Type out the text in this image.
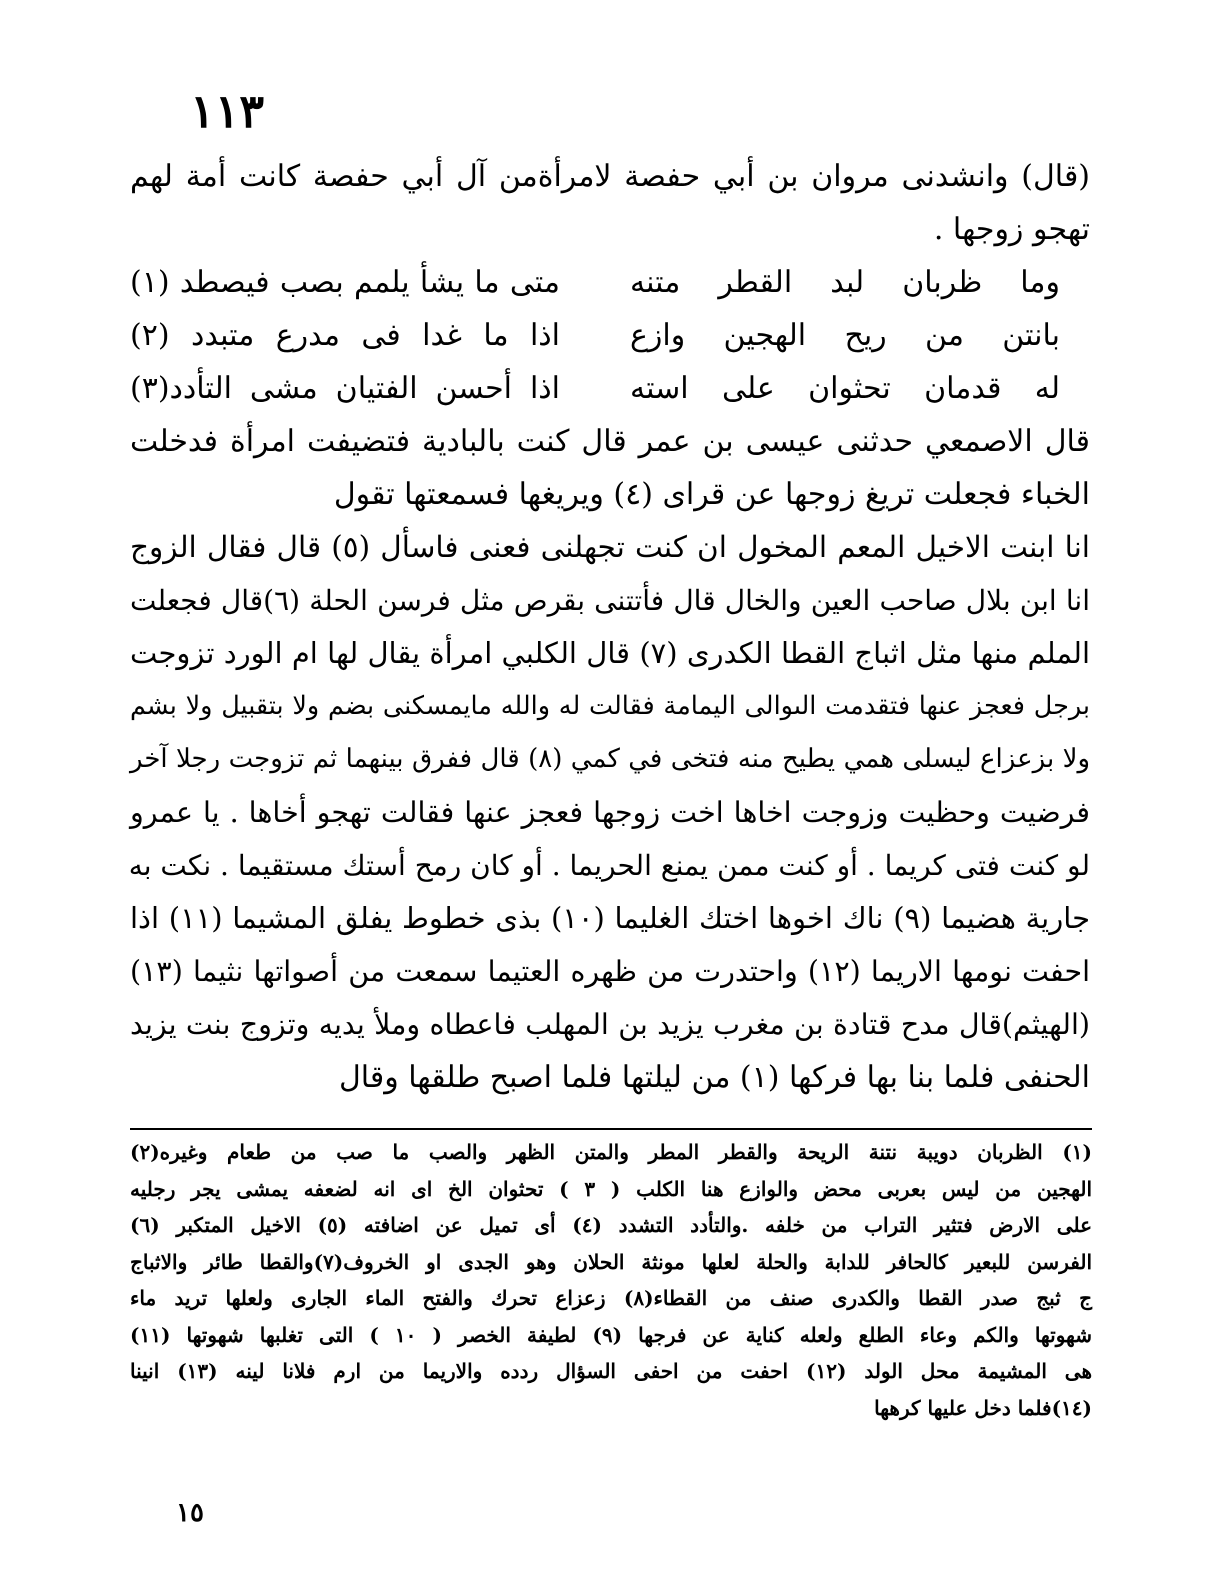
١١٣
(قال) وانشدنى مروان بن أبي حفصة لامرأةمن آل أبي حفصة كانت أمة لهم
تهجو زوجها .
وما ظربان لبد القطر متنه
متى ما يشأ يلمم بصب فيصطد (١)
بانتن من ريح الهجين وازع
اذا ما غدا فى مدرع متبدد (٢)
له قدمان تحثوان على استه
اذا أحسن الفتيان مشى التأدد(٣)
قال الاصمعي حدثنى عيسى بن عمر قال كنت بالبادية فتضيفت امرأة فدخلت
الخباء فجعلت تريغ زوجها عن قراى (٤) ويريغها فسمعتها تقول
انا ابنت الاخيل المعم المخول ان كنت تجهلنى فعنى فاسأل (٥) قال فقال الزوج
انا ابن بلال صاحب العين والخال قال فأتتنى بقرص مثل فرسن الحلة (٦)قال فجعلت
الملم منها مثل اثباج القطا الكدرى (٧) قال الكلبي امرأة يقال لها ام الورد تزوجت
برجل فعجز عنها فتقدمت الىوالى اليمامة فقالت له والله مايمسكنى بضم ولا بتقبيل ولا بشم
ولا بزعزاع ليسلى همي يطيح منه فتخى في كمي (٨) قال ففرق بينهما ثم تزوجت رجلا آخر
فرضيت وحظيت وزوجت اخاها اخت زوجها فعجز عنها فقالت تهجو أخاها . يا عمرو
لو كنت فتى كريما . أو كنت ممن يمنع الحريما . أو كان رمح أستك مستقيما . نكت به
جارية هضيما (٩) ناك اخوها اختك الغليما (١٠) بذى خطوط يفلق المشيما (١١) اذا
احفت نومها الاريما (١٢) واحتدرت من ظهره العتيما سمعت من أصواتها نثيما (١٣)
(الهيثم)قال مدح قتادة بن مغرب يزيد بن المهلب فاعطاه وملأ يديه وتزوج بنت يزيد
الحنفى فلما بنا بها فركها (١) من ليلتها فلما اصبح طلقها وقال
(١) الظربان دويبة نتنة الريحة والقطر المطر والمتن الظهر والصب ما صب من طعام وغيره(٢)
الهجين من ليس بعربى محض والوازع هنا الكلب ( ٣ ) تحثوان الخ اى انه لضعفه يمشى يجر رجليه
على الارض فتثير التراب من خلفه .والتأدد التشدد (٤) أى تميل عن اضافته (٥) الاخيل المتكبر (٦)
الفرسن للبعير كالحافر للدابة والحلة لعلها مونثة الحلان وهو الجدى او الخروف(٧)والقطا طائر والاثباج
ج ثبج صدر القطا والكدرى صنف من القطاء(٨) زعزاع تحرك والفتح الماء الجارى ولعلها تريد ماء
شهوتها والكم وعاء الطلع ولعله كناية عن فرجها (٩) لطيفة الخصر ( ١٠ ) التى تغلبها شهوتها (١١)
هى المشيمة محل الولد (١٢) احفت من احفى السؤال ردده والاريما من ارم فلانا لينه (١٣) انينا
(١٤)فلما دخل عليها كرهها
١٥
